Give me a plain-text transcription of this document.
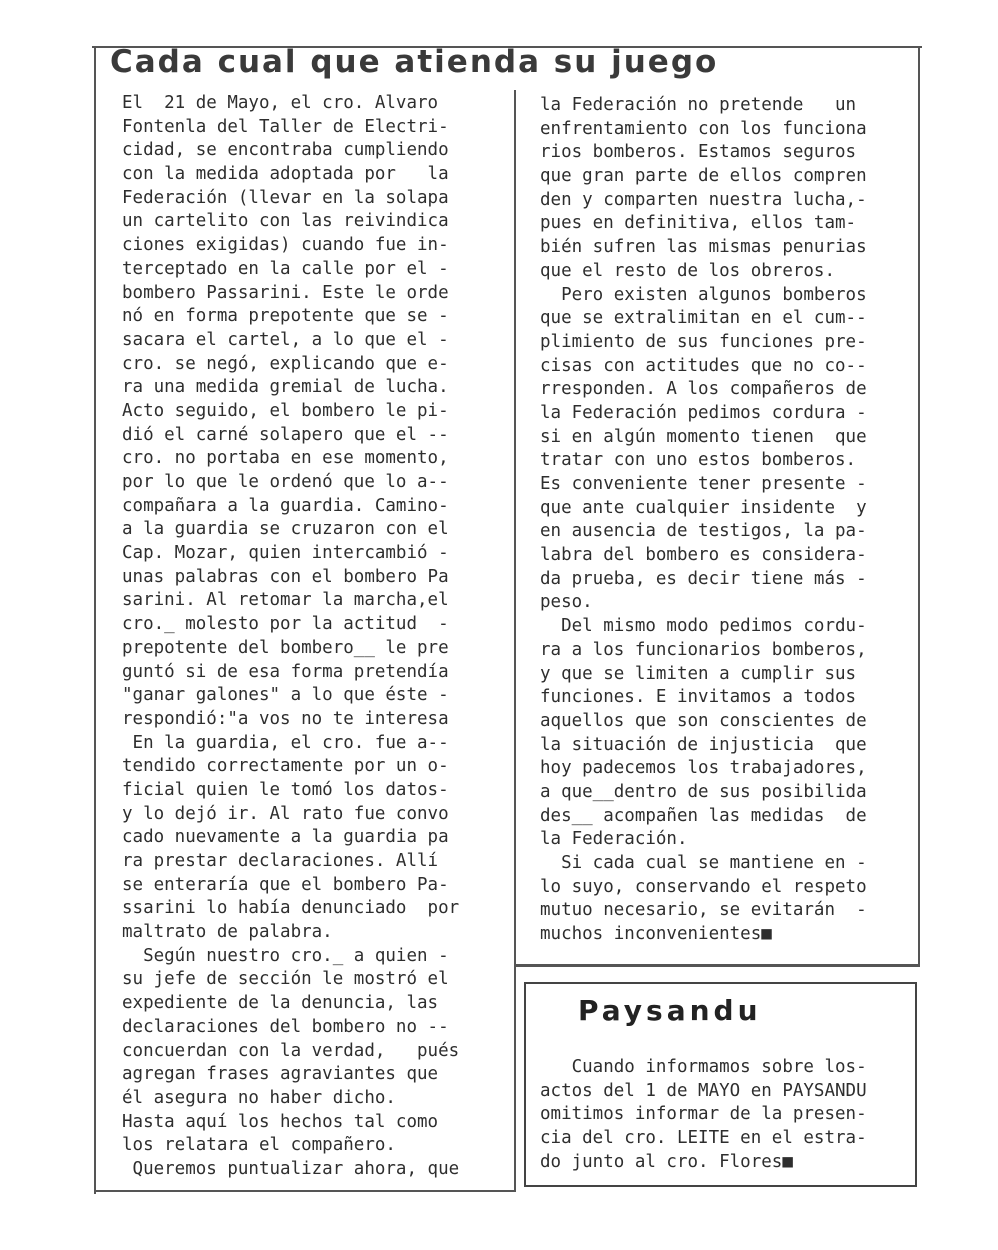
Cada cual que atienda su juego
El  21 de Mayo, el cro. Alvaro
Fontenla del Taller de Electri-
cidad, se encontraba cumpliendo
con la medida adoptada por   la
Federación (llevar en la solapa
un cartelito con las reivindica
ciones exigidas) cuando fue in-
terceptado en la calle por el -
bombero Passarini. Este le orde
nó en forma prepotente que se -
sacara el cartel, a lo que el -
cro. se negó, explicando que e-
ra una medida gremial de lucha.
Acto seguido, el bombero le pi-
dió el carné solapero que el --
cro. no portaba en ese momento,
por lo que le ordenó que lo a--
compañara a la guardia. Camino-
a la guardia se cruzaron con el
Cap. Mozar, quien intercambió -
unas palabras con el bombero Pa
sarini. Al retomar la marcha,el
cro._ molesto por la actitud  -
prepotente del bombero__ le pre
guntó si de esa forma pretendía
"ganar galones" a lo que éste -
respondió:"a vos no te interesa
En la guardia, el cro. fue a--
tendido correctamente por un o-
ficial quien le tomó los datos-
y lo dejó ir. Al rato fue convo
cado nuevamente a la guardia pa
ra prestar declaraciones. Allí
se enteraría que el bombero Pa-
ssarini lo había denunciado  por
maltrato de palabra.
Según nuestro cro._ a quien -
su jefe de sección le mostró el
expediente de la denuncia, las
declaraciones del bombero no --
concuerdan con la verdad,   pués
agregan frases agraviantes que
él asegura no haber dicho.
Hasta aquí los hechos tal como
los relatara el compañero.
Queremos puntualizar ahora, que
la Federación no pretende   un
enfrentamiento con los funciona
rios bomberos. Estamos seguros
que gran parte de ellos compren
den y comparten nuestra lucha,-
pues en definitiva, ellos tam-
bién sufren las mismas penurias
que el resto de los obreros.
Pero existen algunos bomberos
que se extralimitan en el cum--
plimiento de sus funciones pre-
cisas con actitudes que no co--
rresponden. A los compañeros de
la Federación pedimos cordura -
si en algún momento tienen  que
tratar con uno estos bomberos.
Es conveniente tener presente -
que ante cualquier insidente  y
en ausencia de testigos, la pa-
labra del bombero es considera-
da prueba, es decir tiene más -
peso.
Del mismo modo pedimos cordu-
ra a los funcionarios bomberos,
y que se limiten a cumplir sus
funciones. E invitamos a todos
aquellos que son conscientes de
la situación de injusticia  que
hoy padecemos los trabajadores,
a que__dentro de sus posibilida
des__ acompañen las medidas  de
la Federación.
Si cada cual se mantiene en -
lo suyo, conservando el respeto
mutuo necesario, se evitarán  -
muchos inconvenientes■
Paysandu
Cuando informamos sobre los-
actos del 1 de MAYO en PAYSANDU
omitimos informar de la presen-
cia del cro. LEITE en el estra-
do junto al cro. Flores■
